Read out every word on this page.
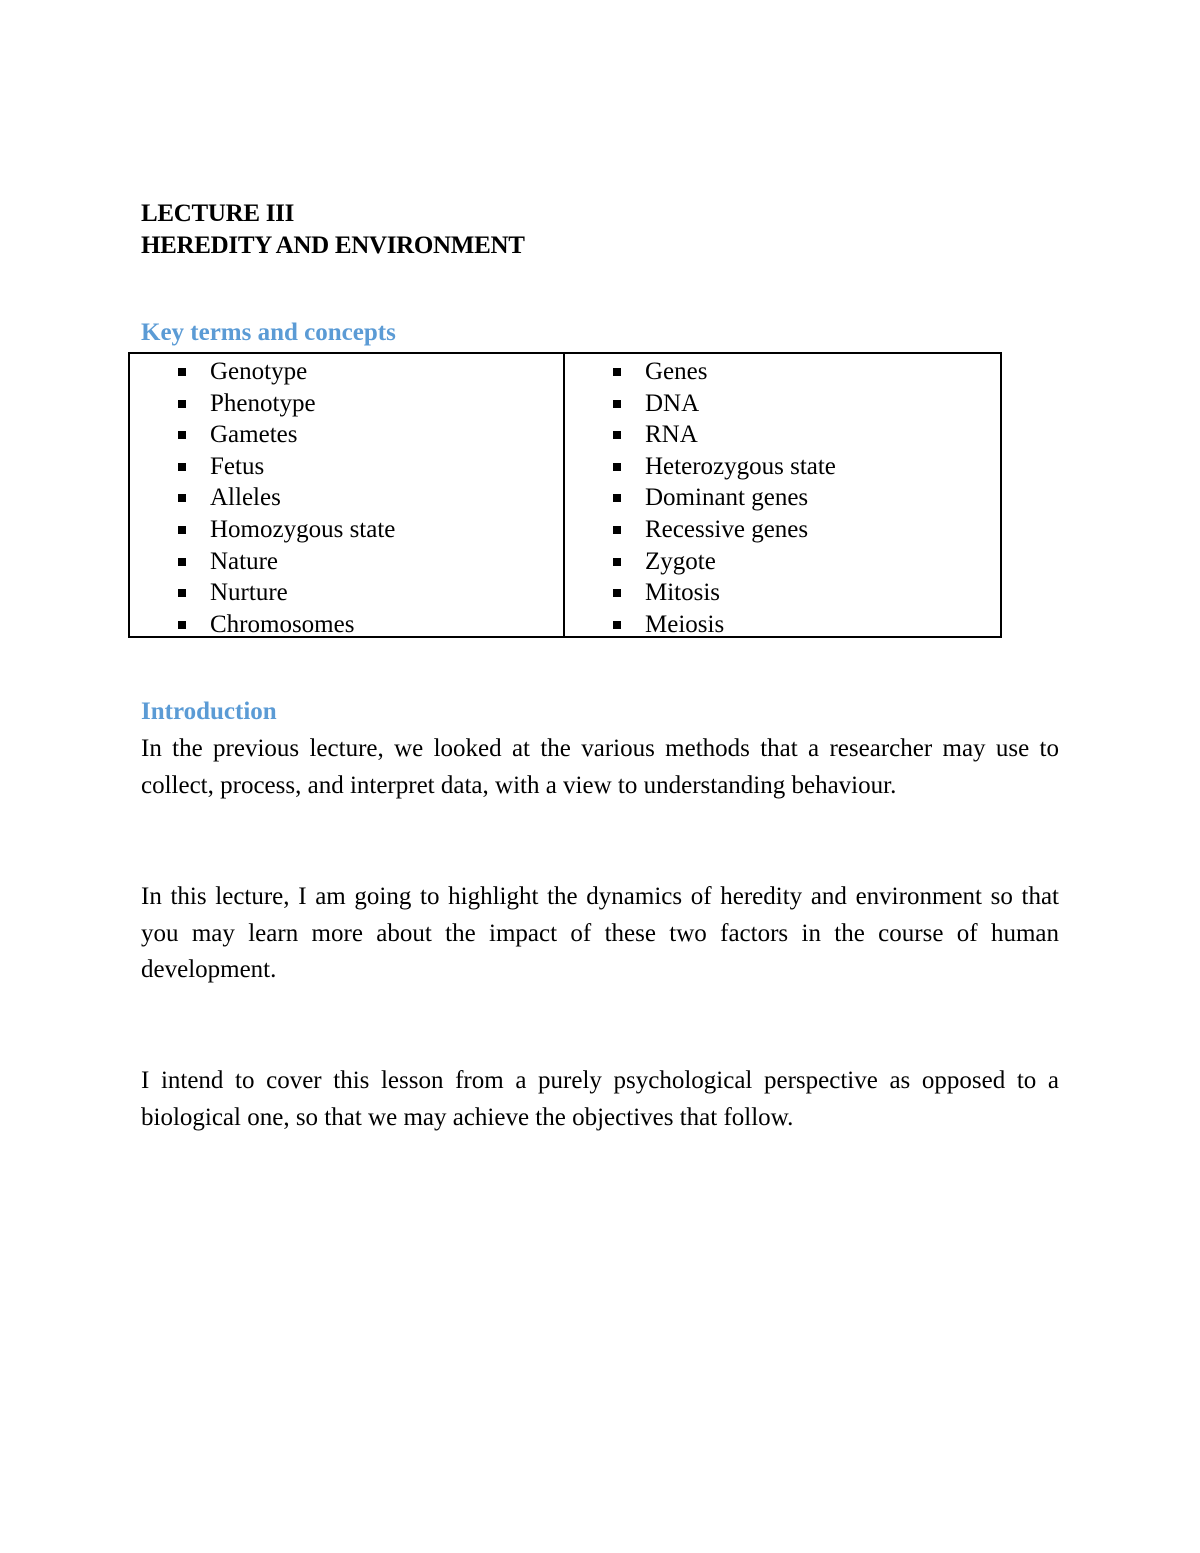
LECTURE III
HEREDITY AND ENVIRONMENT
Key terms and concepts
Genotype
Phenotype
Gametes
Fetus
Alleles
Homozygous state
Nature
Nurture
Chromosomes
Genes
DNA
RNA
Heterozygous state
Dominant genes
Recessive genes
Zygote
Mitosis
Meiosis
Introduction

In the previous lecture, we looked at the various methods that a researcher may use to collect, process, and interpret data, with a view to understanding behaviour.

In this lecture, I am going to highlight the dynamics of heredity and environment so that you may learn more about the impact of these two factors in the course of human development.

I intend to cover this lesson from a purely psychological perspective as opposed to a biological one, so that we may achieve the objectives that follow.
